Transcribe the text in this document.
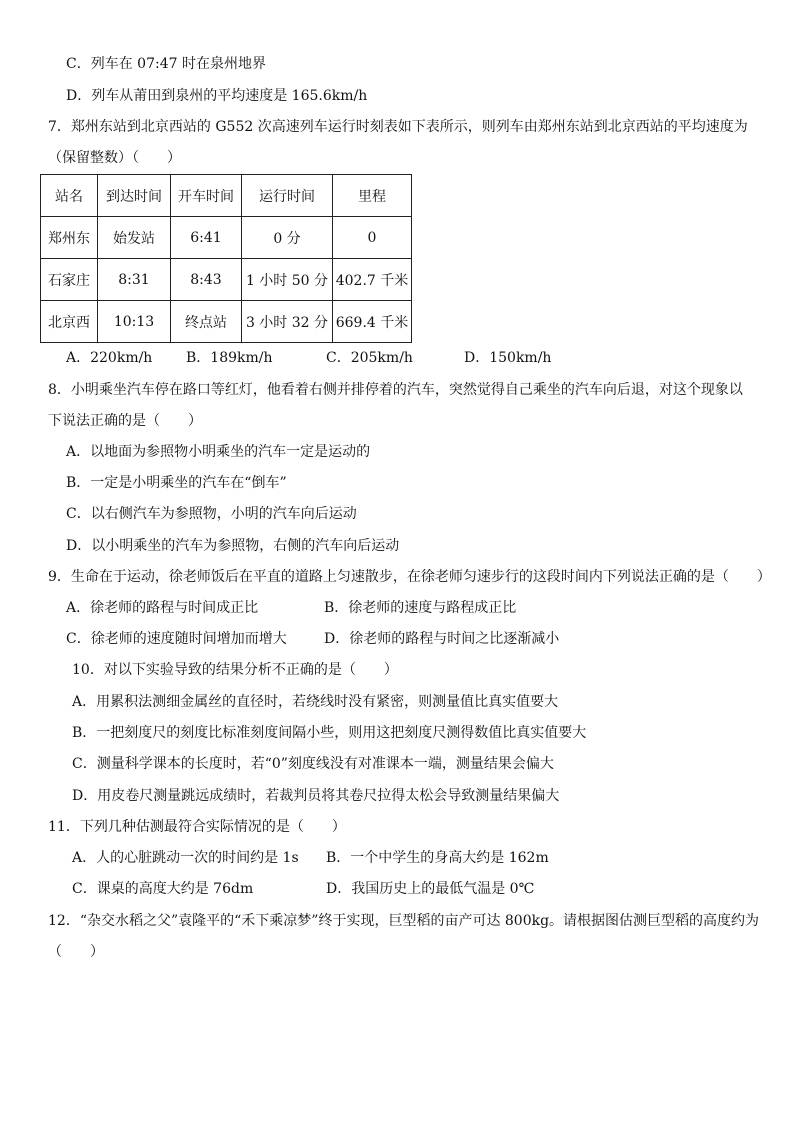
C．列车在 07:47 时在泉州地界
D．列车从莆田到泉州的平均速度是 165.6km/h
7．郑州东站到北京西站的 G552 次高速列车运行时刻表如下表所示，则列车由郑州东站到北京西站的平均速度为
（保留整数）（　　）
站名	到达时间	开车时间	运行时间	里程
郑州东	始发站	6:41	0 分	0
石家庄	8:31	8:43	1 小时 50 分	402.7 千米
北京西	10:13	终点站	3 小时 32 分	669.4 千米
A．220km/h B．189km/h	C．205km/h	D．150km/h
8．小明乘坐汽车停在路口等红灯，他看着右侧并排停着的汽车，突然觉得自己乘坐的汽车向后退，对这个现象以
下说法正确的是（　　）
A．以地面为参照物小明乘坐的汽车一定是运动的
B．一定是小明乘坐的汽车在“倒车”
C．以右侧汽车为参照物，小明的汽车向后运动
D．以小明乘坐的汽车为参照物，右侧的汽车向后运动
9．生命在于运动，徐老师饭后在平直的道路上匀速散步，在徐老师匀速步行的这段时间内下列说法正确的是（　　）
A．徐老师的路程与时间成正比	B．徐老师的速度与路程成正比
C．徐老师的速度随时间增加而增大	D．徐老师的路程与时间之比逐渐减小
10．对以下实验导致的结果分析不正确的是（　　）
A．用累积法测细金属丝的直径时，若绕线时没有紧密，则测量值比真实值要大
B．一把刻度尺的刻度比标准刻度间隔小些，则用这把刻度尺测得数值比真实值要大
C．测量科学课本的长度时，若“0”刻度线没有对准课本一端，测量结果会偏大
D．用皮卷尺测量跳远成绩时，若裁判员将其卷尺拉得太松会导致测量结果偏大
11．下列几种估测最符合实际情况的是（　　）
A．人的心脏跳动一次的时间约是 1s B．一个中学生的身高大约是 162m
C．课桌的高度大约是 76dm	D．我国历史上的最低气温是 0℃
12．“杂交水稻之父”袁隆平的“禾下乘凉梦”终于实现，巨型稻的亩产可达 800kg。请根据图估测巨型稻的高度约为
（　　）
